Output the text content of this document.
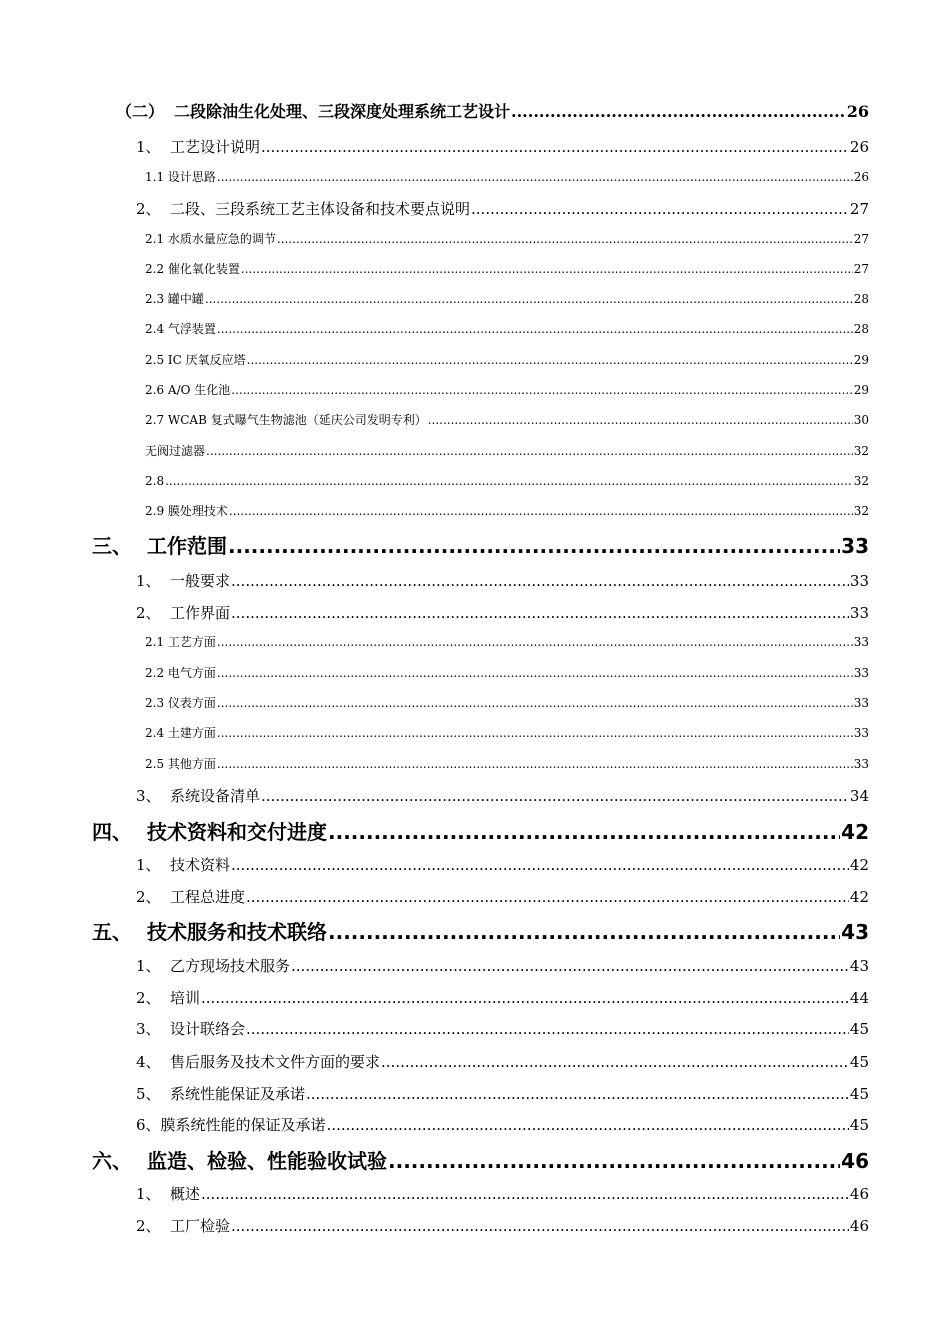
（二） 二段除油生化处理、三段深度处理系统工艺设计 .....	26
1、 工艺设计说明 .....	26
1.1 设计思路 .....	26
2、 二段、三段系统工艺主体设备和技术要点说明 .....	27
2.1 水质水量应急的调节 .....	27
2.2 催化氧化装置 .....	27
2.3 罐中罐 .....	28
2.4 气浮装置 .....	28
2.5 IC 厌氧反应塔 .....	29
2.6 A/O 生化池 .....	29
2.7 WCAB 复式曝气生物滤池（延庆公司发明专利） .....	30
无阀过滤器 .....	32
2.8 .....	32
2.9 膜处理技术 .....	32
三、 工作范围 .....	33
1、 一般要求 .....	33
2、 工作界面 .....	33
2.1 工艺方面 .....	33
2.2 电气方面 .....	33
2.3 仪表方面 .....	33
2.4 土建方面 .....	33
2.5 其他方面 .....	33
3、 系统设备清单 .....	34
四、 技术资料和交付进度 .....	42
1、 技术资料 .....	42
2、 工程总进度 .....	42
五、 技术服务和技术联络 .....	43
1、 乙方现场技术服务 .....	43
2、 培训 .....	44
3、 设计联络会 .....	45
4、 售后服务及技术文件方面的要求 .....	45
5、 系统性能保证及承诺 .....	45
6、膜系统性能的保证及承诺 .....	45
六、 监造、检验、性能验收试验 .....	46
1、 概述 .....	46
2、 工厂检验 .....	46
